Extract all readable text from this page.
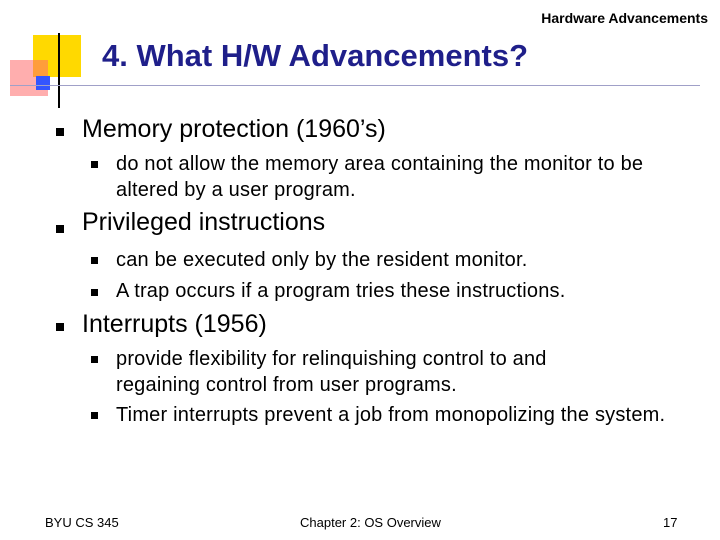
Hardware Advancements
4. What H/W Advancements?
Memory protection (1960’s)
do not allow the memory area containing the monitor to be altered by a user program.
Privileged instructions
can be executed only by the resident monitor.
A trap occurs if a program tries these instructions.
Interrupts (1956)
provide flexibility for relinquishing control to and regaining control from user programs.
Timer interrupts prevent a job from monopolizing the system.
BYU CS 345	Chapter 2: OS Overview	17
